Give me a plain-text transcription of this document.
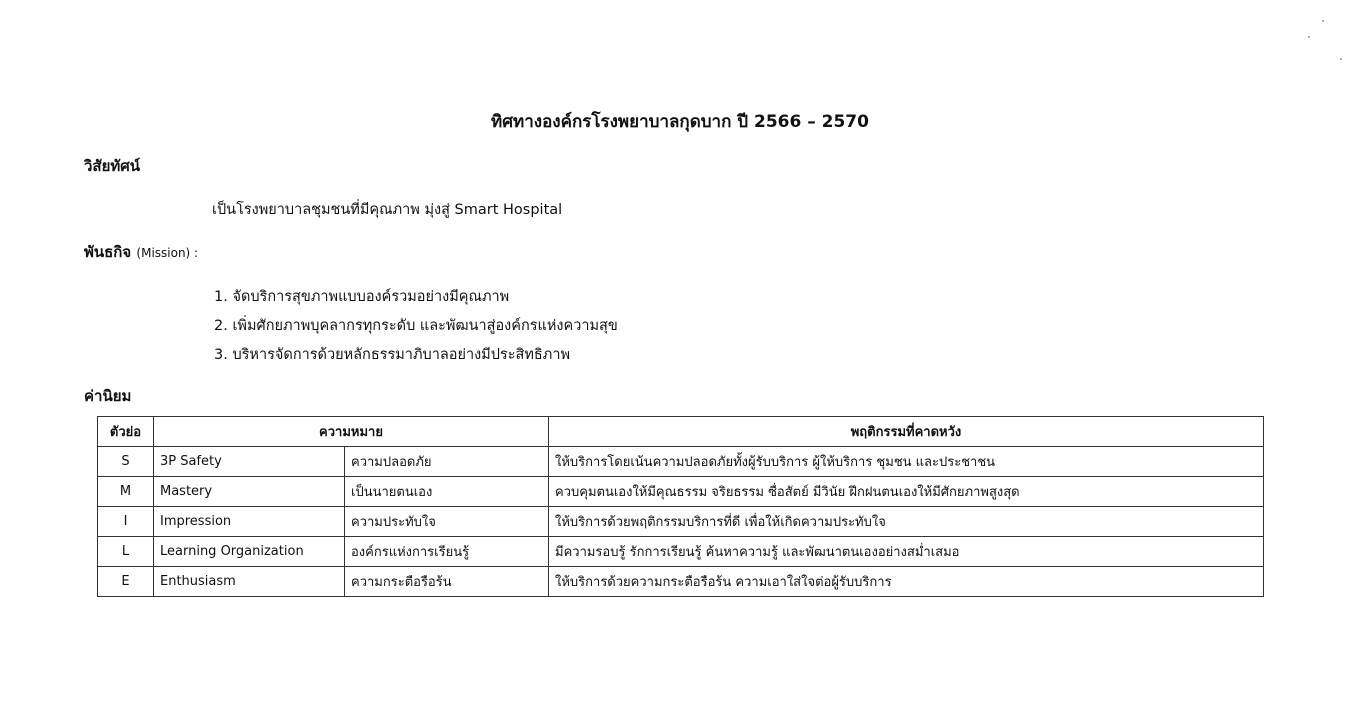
ทิศทางองค์กรโรงพยาบาลกุดบาก ปี 2566 – 2570
วิสัยทัศน์
เป็นโรงพยาบาลชุมชนที่มีคุณภาพ มุ่งสู่ Smart Hospital
พันธกิจ (Mission) :
1. จัดบริการสุขภาพแบบองค์รวมอย่างมีคุณภาพ
2. เพิ่มศักยภาพบุคลากรทุกระดับ และพัฒนาสู่องค์กรแห่งความสุข
3. บริหารจัดการด้วยหลักธรรมาภิบาลอย่างมีประสิทธิภาพ
ค่านิยม
ตัวย่อ	ความหมาย		พฤติกรรมที่คาดหวัง
S	3P Safety	ความปลอดภัย	ให้บริการโดยเน้นความปลอดภัยทั้งผู้รับบริการ ผู้ให้บริการ ชุมชน และประชาชน
M	Mastery	เป็นนายตนเอง	ควบคุมตนเองให้มีคุณธรรม จริยธรรม ซื่อสัตย์ มีวินัย ฝึกฝนตนเองให้มีศักยภาพสูงสุด
I	Impression	ความประทับใจ	ให้บริการด้วยพฤติกรรมบริการที่ดี เพื่อให้เกิดความประทับใจ
L	Learning Organization	องค์กรแห่งการเรียนรู้	มีความรอบรู้ รักการเรียนรู้ ค้นหาความรู้ และพัฒนาตนเองอย่างสม่ำเสมอ
E	Enthusiasm	ความกระตือรือร้น	ให้บริการด้วยความกระตือรือร้น ความเอาใส่ใจต่อผู้รับบริการ
